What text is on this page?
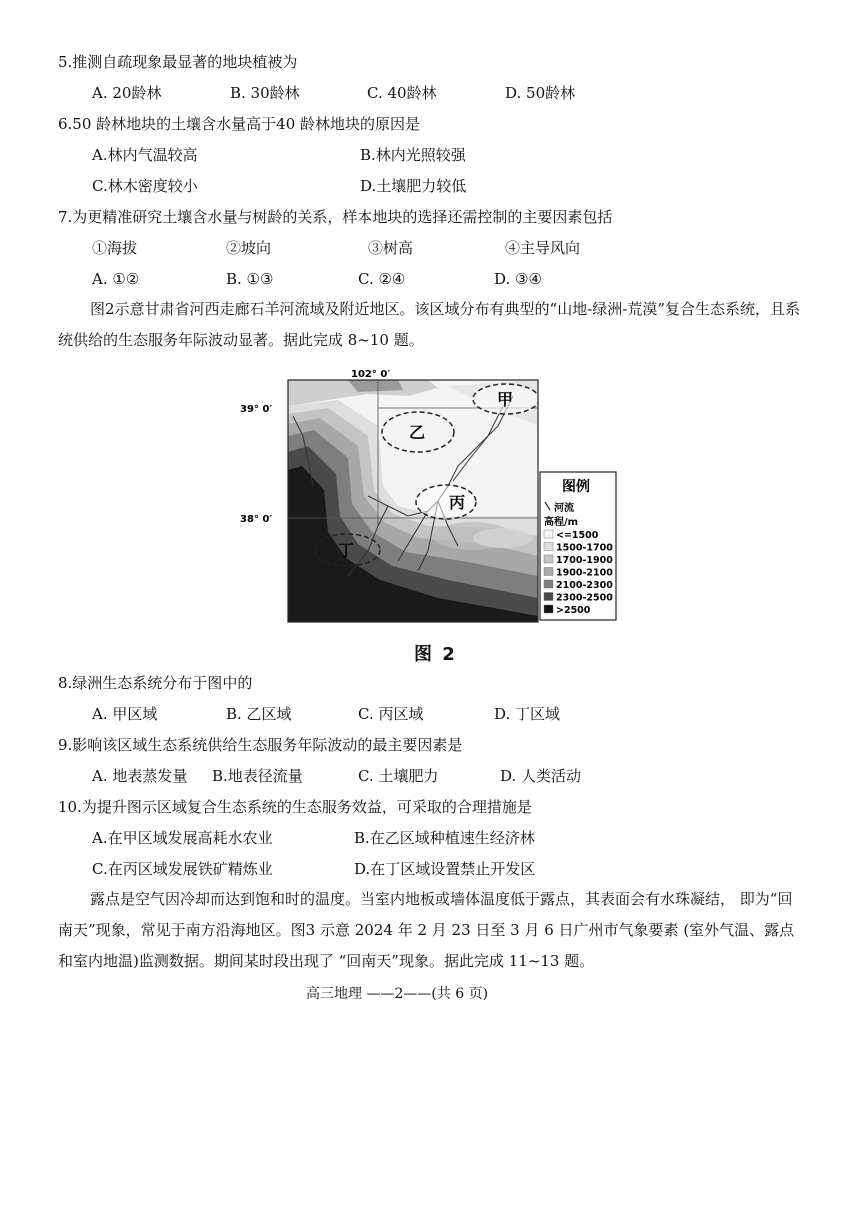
5.推测自疏现象最显著的地块植被为
A. 20龄林	B. 30龄林	C. 40龄林	D. 50龄林
6.50 龄林地块的土壤含水量高于40 龄林地块的原因是
A.林内气温较高	B.林内光照较强
C.林木密度较小	D.土壤肥力较低
7.为更精准研究土壤含水量与树龄的关系，样本地块的选择还需控制的主要因素包括
①海拔	②坡向	③树高	④主导风向
A. ①②	B. ①③	C. ②④	D. ③④
图2示意甘肃省河西走廊石羊河流域及附近地区。该区域分布有典型的“山地-绿洲-荒漠”复合生态系统，且系统供给的生态服务年际波动显著。据此完成 8~10 题。
102° 0′
39° 0′
38° 0′
甲
乙
丙
丁
图例
河流
高程/m
<=1500
1500-1700
1700-1900
1900-2100
2100-2300
2300-2500
>2500
图 2
8.绿洲生态系统分布于图中的
A. 甲区域	B. 乙区域	C. 丙区域	D. 丁区域
9.影响该区域生态系统供给生态服务年际波动的最主要因素是
A. 地表蒸发量 B.地表径流量	C. 土壤肥力	D. 人类活动
10.为提升图示区域复合生态系统的生态服务效益，可采取的合理措施是
A.在甲区域发展高耗水农业	B.在乙区域种植速生经济林
C.在丙区域发展铁矿精炼业	D.在丁区域设置禁止开发区
露点是空气因冷却而达到饱和时的温度。当室内地板或墙体温度低于露点，其表面会有水珠凝结， 即为“回南天”现象，常见于南方沿海地区。图3 示意 2024 年 2 月 23 日至 3 月 6 日广州市气象要素 (室外气温、露点和室内地温)监测数据。期间某时段出现了 “回南天”现象。据此完成 11~13 题。
高三地理 ——2——(共 6 页)
